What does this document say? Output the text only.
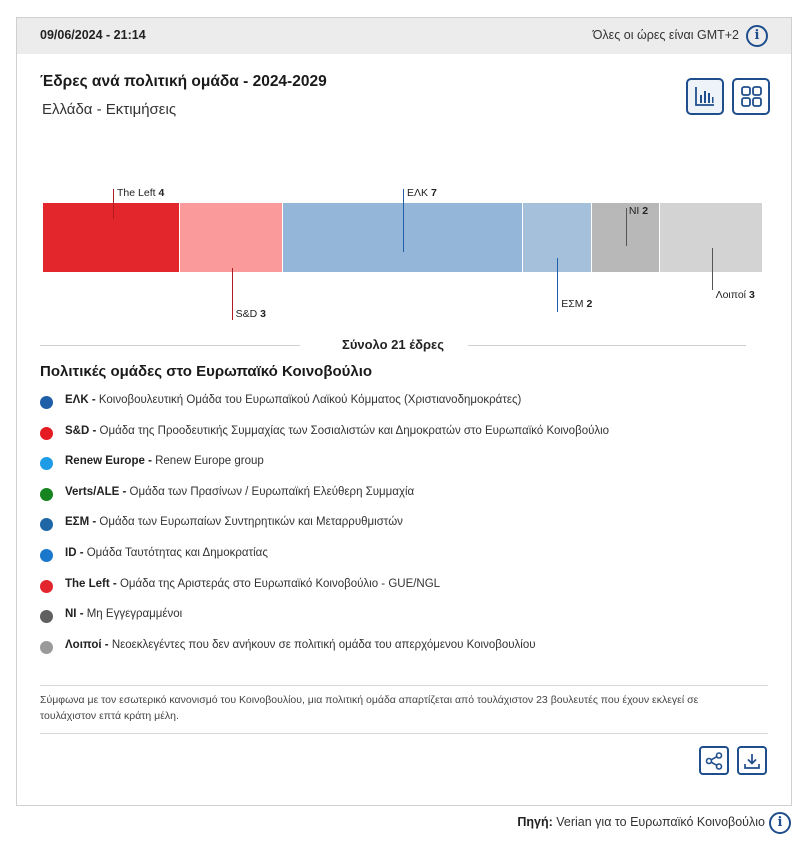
09/06/2024 - 21:14	Όλες οι ώρες είναι GMT+2	i
Έδρες ανά πολιτική ομάδα - 2024-2029
Ελλάδα - Εκτιμήσεις
The Left 4
S&D 3
ΕΛΚ 7
ΕΣΜ 2
NI 2
Λοιποί 3
Σύνολο 21 έδρες
Πολιτικές ομάδες στο Ευρωπαϊκό Κοινοβούλιο
ΕΛΚ - Κοινοβουλευτική Ομάδα του Ευρωπαϊκού Λαϊκού Κόμματος (Χριστιανοδημοκράτες)
S&D - Ομάδα της Προοδευτικής Συμμαχίας των Σοσιαλιστών και Δημοκρατών στο Ευρωπαϊκό Κοινοβούλιο
Renew Europe - Renew Europe group
Verts/ALE - Ομάδα των Πρασίνων / Ευρωπαϊκή Ελεύθερη Συμμαχία
ΕΣΜ - Ομάδα των Ευρωπαίων Συντηρητικών και Μεταρρυθμιστών
ID - Ομάδα Ταυτότητας και Δημοκρατίας
The Left - Ομάδα της Αριστεράς στο Ευρωπαϊκό Κοινοβούλιο - GUE/NGL
NI - Μη Εγγεγραμμένοι
Λοιποί - Νεοεκλεγέντες που δεν ανήκουν σε πολιτική ομάδα του απερχόμενου Κοινοβουλίου
Σύμφωνα με τον εσωτερικό κανονισμό του Κοινοβουλίου, μια πολιτική ομάδα απαρτίζεται από τουλάχιστον 23 βουλευτές που έχουν εκλεγεί σε τουλάχιστον επτά κράτη μέλη.
Πηγή: Verian για το Ευρωπαϊκό Κοινοβούλιο i
